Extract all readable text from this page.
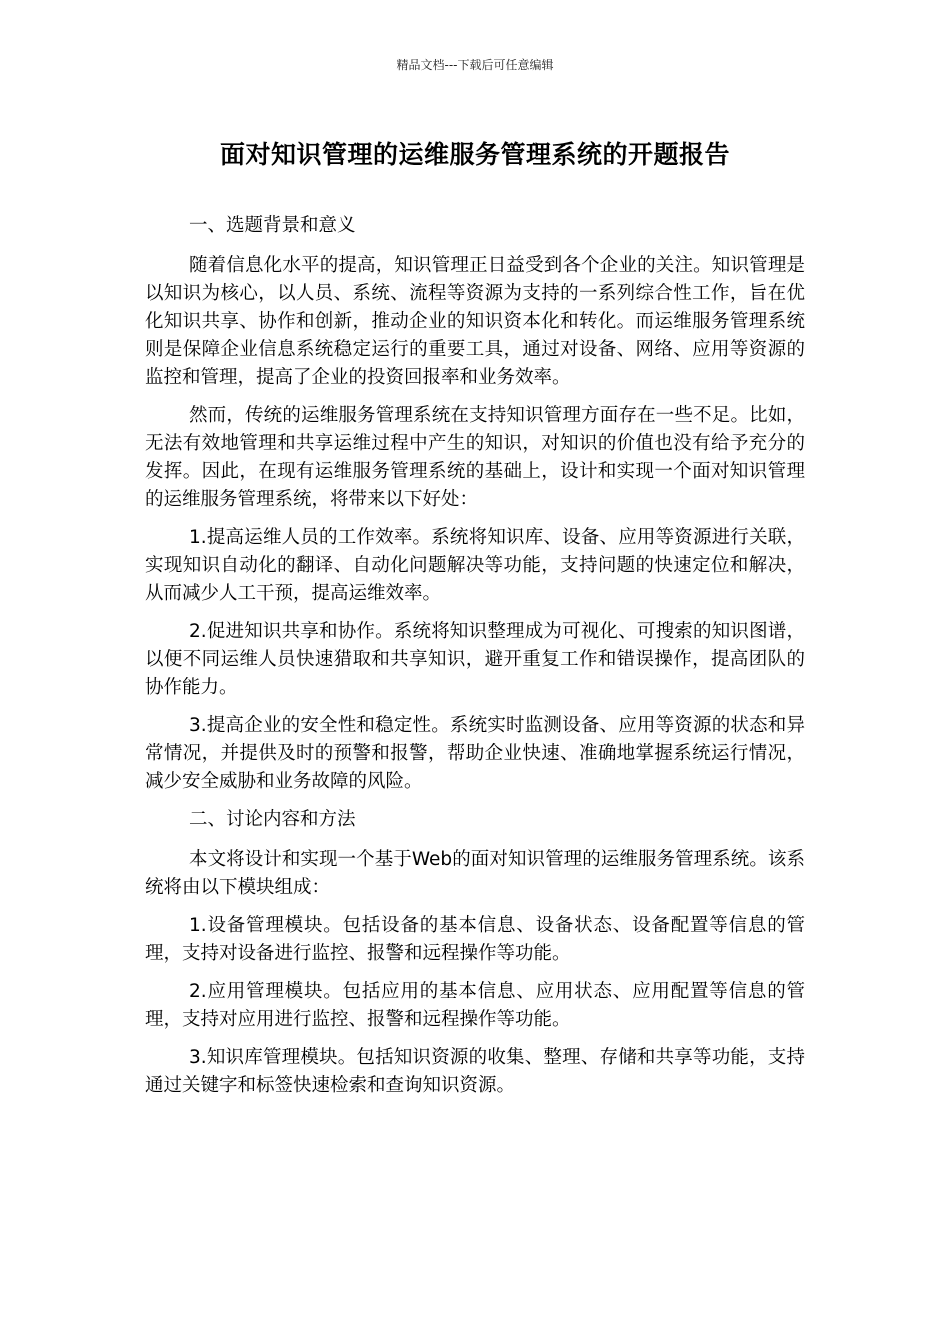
精品文档---下载后可任意编辑
面对知识管理的运维服务管理系统的开题报告

一、选题背景和意义

随着信息化水平的提高，知识管理正日益受到各个企业的关注。知识管理是以知识为核心，以人员、系统、流程等资源为支持的一系列综合性工作，旨在优化知识共享、协作和创新，推动企业的知识资本化和转化。而运维服务管理系统则是保障企业信息系统稳定运行的重要工具，通过对设备、网络、应用等资源的监控和管理，提高了企业的投资回报率和业务效率。

然而，传统的运维服务管理系统在支持知识管理方面存在一些不足。比如，无法有效地管理和共享运维过程中产生的知识，对知识的价值也没有给予充分的发挥。因此，在现有运维服务管理系统的基础上，设计和实现一个面对知识管理的运维服务管理系统，将带来以下好处：

1.提高运维人员的工作效率。系统将知识库、设备、应用等资源进行关联，实现知识自动化的翻译、自动化问题解决等功能，支持问题的快速定位和解决，从而减少人工干预，提高运维效率。

2.促进知识共享和协作。系统将知识整理成为可视化、可搜索的知识图谱，以便不同运维人员快速猎取和共享知识，避开重复工作和错误操作，提高团队的协作能力。

3.提高企业的安全性和稳定性。系统实时监测设备、应用等资源的状态和异常情况，并提供及时的预警和报警，帮助企业快速、准确地掌握系统运行情况，减少安全威胁和业务故障的风险。

二、讨论内容和方法

本文将设计和实现一个基于Web的面对知识管理的运维服务管理系统。该系统将由以下模块组成：

1.设备管理模块。包括设备的基本信息、设备状态、设备配置等信息的管理，支持对设备进行监控、报警和远程操作等功能。

2.应用管理模块。包括应用的基本信息、应用状态、应用配置等信息的管理，支持对应用进行监控、报警和远程操作等功能。

3.知识库管理模块。包括知识资源的收集、整理、存储和共享等功能，支持通过关键字和标签快速检索和查询知识资源。
